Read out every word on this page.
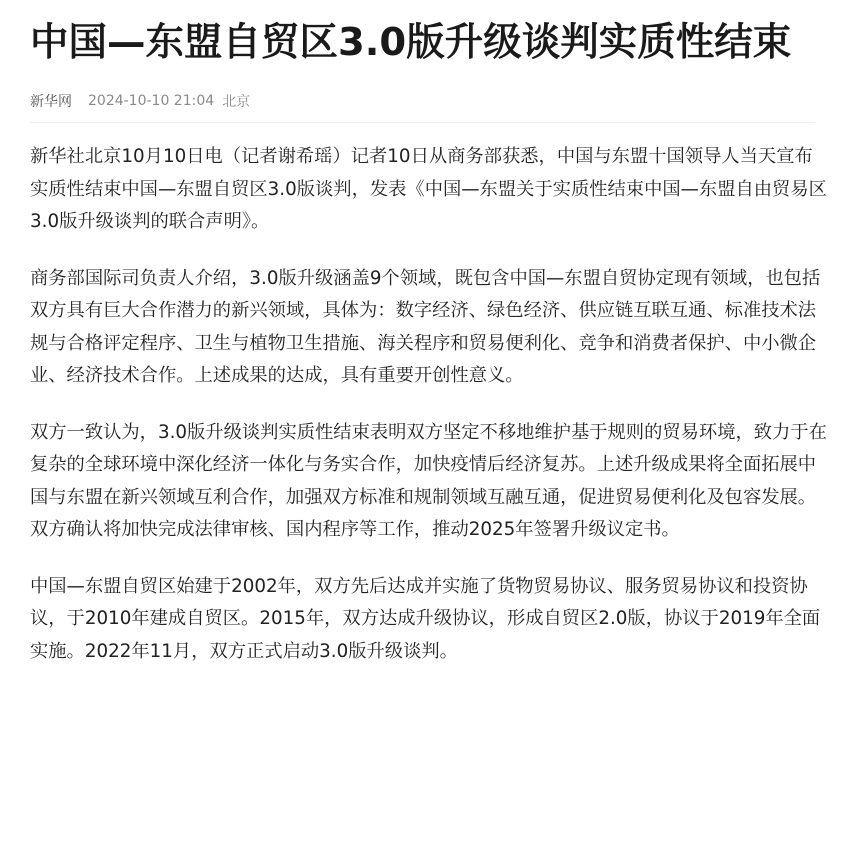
中国—东盟自贸区3.0版升级谈判实质性结束
新华网 2024-10-10 21:04 北京

新华社北京10月10日电（记者谢希瑶）记者10日从商务部获悉，中国与东盟十国领导人当天宣布实质性结束中国—东盟自贸区3.0版谈判，发表《中国—东盟关于实质性结束中国—东盟自由贸易区3.0版升级谈判的联合声明》。

商务部国际司负责人介绍，3.0版升级涵盖9个领域，既包含中国—东盟自贸协定现有领域，也包括双方具有巨大合作潜力的新兴领域，具体为：数字经济、绿色经济、供应链互联互通、标准技术法规与合格评定程序、卫生与植物卫生措施、海关程序和贸易便利化、竞争和消费者保护、中小微企业、经济技术合作。上述成果的达成，具有重要开创性意义。

双方一致认为，3.0版升级谈判实质性结束表明双方坚定不移地维护基于规则的贸易环境，致力于在复杂的全球环境中深化经济一体化与务实合作，加快疫情后经济复苏。上述升级成果将全面拓展中国与东盟在新兴领域互利合作，加强双方标准和规制领域互融互通，促进贸易便利化及包容发展。双方确认将加快完成法律审核、国内程序等工作，推动2025年签署升级议定书。

中国—东盟自贸区始建于2002年，双方先后达成并实施了货物贸易协议、服务贸易协议和投资协议，于2010年建成自贸区。2015年，双方达成升级协议，形成自贸区2.0版，协议于2019年全面实施。2022年11月，双方正式启动3.0版升级谈判。
